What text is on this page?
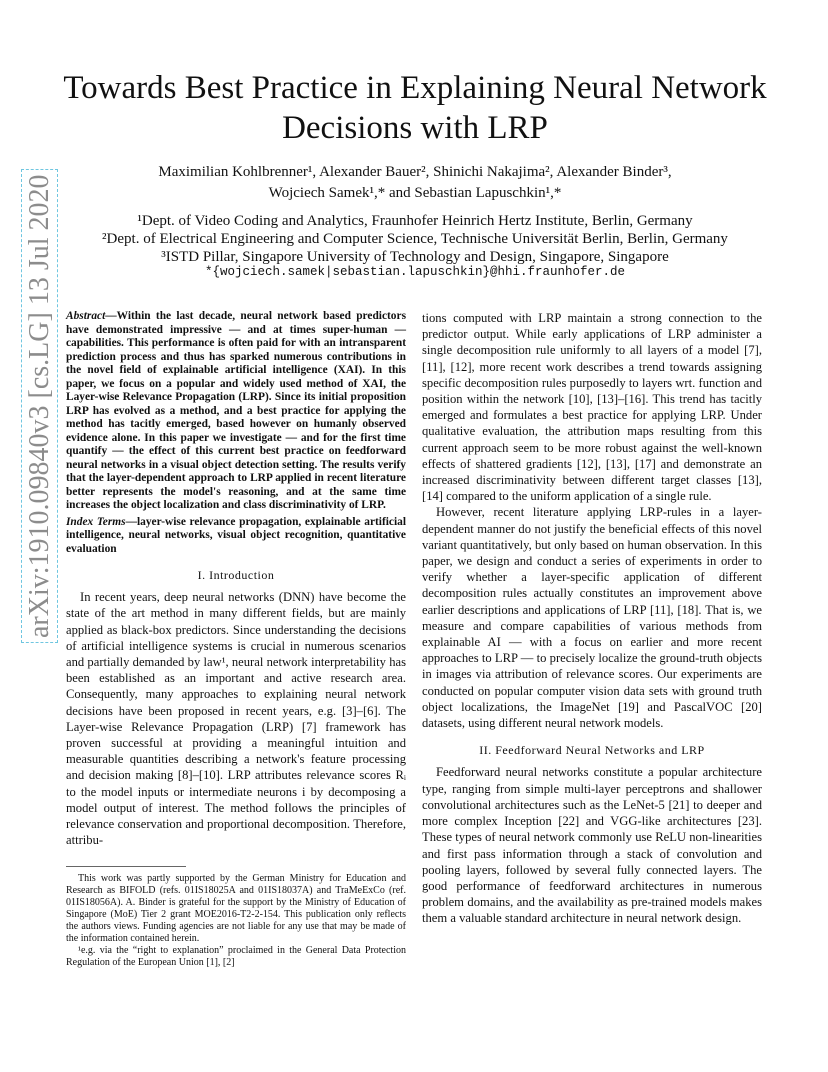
arXiv:1910.09840v3 [cs.LG] 13 Jul 2020
Towards Best Practice in Explaining Neural Network Decisions with LRP
Maximilian Kohlbrenner¹, Alexander Bauer², Shinichi Nakajima², Alexander Binder³,
Wojciech Samek¹,* and Sebastian Lapuschkin¹,*
¹Dept. of Video Coding and Analytics, Fraunhofer Heinrich Hertz Institute, Berlin, Germany
²Dept. of Electrical Engineering and Computer Science, Technische Universität Berlin, Berlin, Germany
³ISTD Pillar, Singapore University of Technology and Design, Singapore, Singapore
*{wojciech.samek|sebastian.lapuschkin}@hhi.fraunhofer.de
Abstract—Within the last decade, neural network based predictors have demonstrated impressive — and at times super-human — capabilities. This performance is often paid for with an intransparent prediction process and thus has sparked numerous contributions in the novel field of explainable artificial intelligence (XAI). In this paper, we focus on a popular and widely used method of XAI, the Layer-wise Relevance Propagation (LRP). Since its initial proposition LRP has evolved as a method, and a best practice for applying the method has tacitly emerged, based however on humanly observed evidence alone. In this paper we investigate — and for the first time quantify — the effect of this current best practice on feedforward neural networks in a visual object detection setting. The results verify that the layer-dependent approach to LRP applied in recent literature better represents the model's reasoning, and at the same time increases the object localization and class discriminativity of LRP.
Index Terms—layer-wise relevance propagation, explainable artificial intelligence, neural networks, visual object recognition, quantitative evaluation
I. Introduction

In recent years, deep neural networks (DNN) have become the state of the art method in many different fields, but are mainly applied as black-box predictors. Since understanding the decisions of artificial intelligence systems is crucial in numerous scenarios and partially demanded by law¹, neural network interpretability has been established as an important and active research area. Consequently, many approaches to explaining neural network decisions have been proposed in recent years, e.g. [3]–[6]. The Layer-wise Relevance Propagation (LRP) [7] framework has proven successful at providing a meaningful intuition and measurable quantities describing a network's feature processing and decision making [8]–[10]. LRP attributes relevance scores Rᵢ to the model inputs or intermediate neurons i by decomposing a model output of interest. The method follows the principles of relevance conservation and proportional decomposition. Therefore, attribu-

This work was partly supported by the German Ministry for Education and Research as BIFOLD (refs. 01IS18025A and 01IS18037A) and TraMeExCo (ref. 01IS18056A). A. Binder is grateful for the support by the Ministry of Education of Singapore (MoE) Tier 2 grant MOE2016-T2-2-154. This publication only reflects the authors views. Funding agencies are not liable for any use that may be made of the information contained herein.
¹e.g. via the “right to explanation” proclaimed in the General Data Protection Regulation of the European Union [1], [2]

tions computed with LRP maintain a strong connection to the predictor output. While early applications of LRP administer a single decomposition rule uniformly to all layers of a model [7], [11], [12], more recent work describes a trend towards assigning specific decomposition rules purposedly to layers wrt. function and position within the network [10], [13]–[16]. This trend has tacitly emerged and formulates a best practice for applying LRP. Under qualitative evaluation, the attribution maps resulting from this current approach seem to be more robust against the well-known effects of shattered gradients [12], [13], [17] and demonstrate an increased discriminativity between different target classes [13], [14] compared to the uniform application of a single rule.

However, recent literature applying LRP-rules in a layer-dependent manner do not justify the beneficial effects of this novel variant quantitatively, but only based on human observation. In this paper, we design and conduct a series of experiments in order to verify whether a layer-specific application of different decomposition rules actually constitutes an improvement above earlier descriptions and applications of LRP [11], [18]. That is, we measure and compare capabilities of various methods from explainable AI — with a focus on earlier and more recent approaches to LRP — to precisely localize the ground-truth objects in images via attribution of relevance scores. Our experiments are conducted on popular computer vision data sets with ground truth object localizations, the ImageNet [19] and PascalVOC [20] datasets, using different neural network models.

II. Feedforward Neural Networks and LRP

Feedforward neural networks constitute a popular architecture type, ranging from simple multi-layer perceptrons and shallower convolutional architectures such as the LeNet-5 [21] to deeper and more complex Inception [22] and VGG-like architectures [23]. These types of neural network commonly use ReLU non-linearities and first pass information through a stack of convolution and pooling layers, followed by several fully connected layers. The good performance of feedforward architectures in numerous problem domains, and the availability as pre-trained models makes them a valuable standard architecture in neural network design.
